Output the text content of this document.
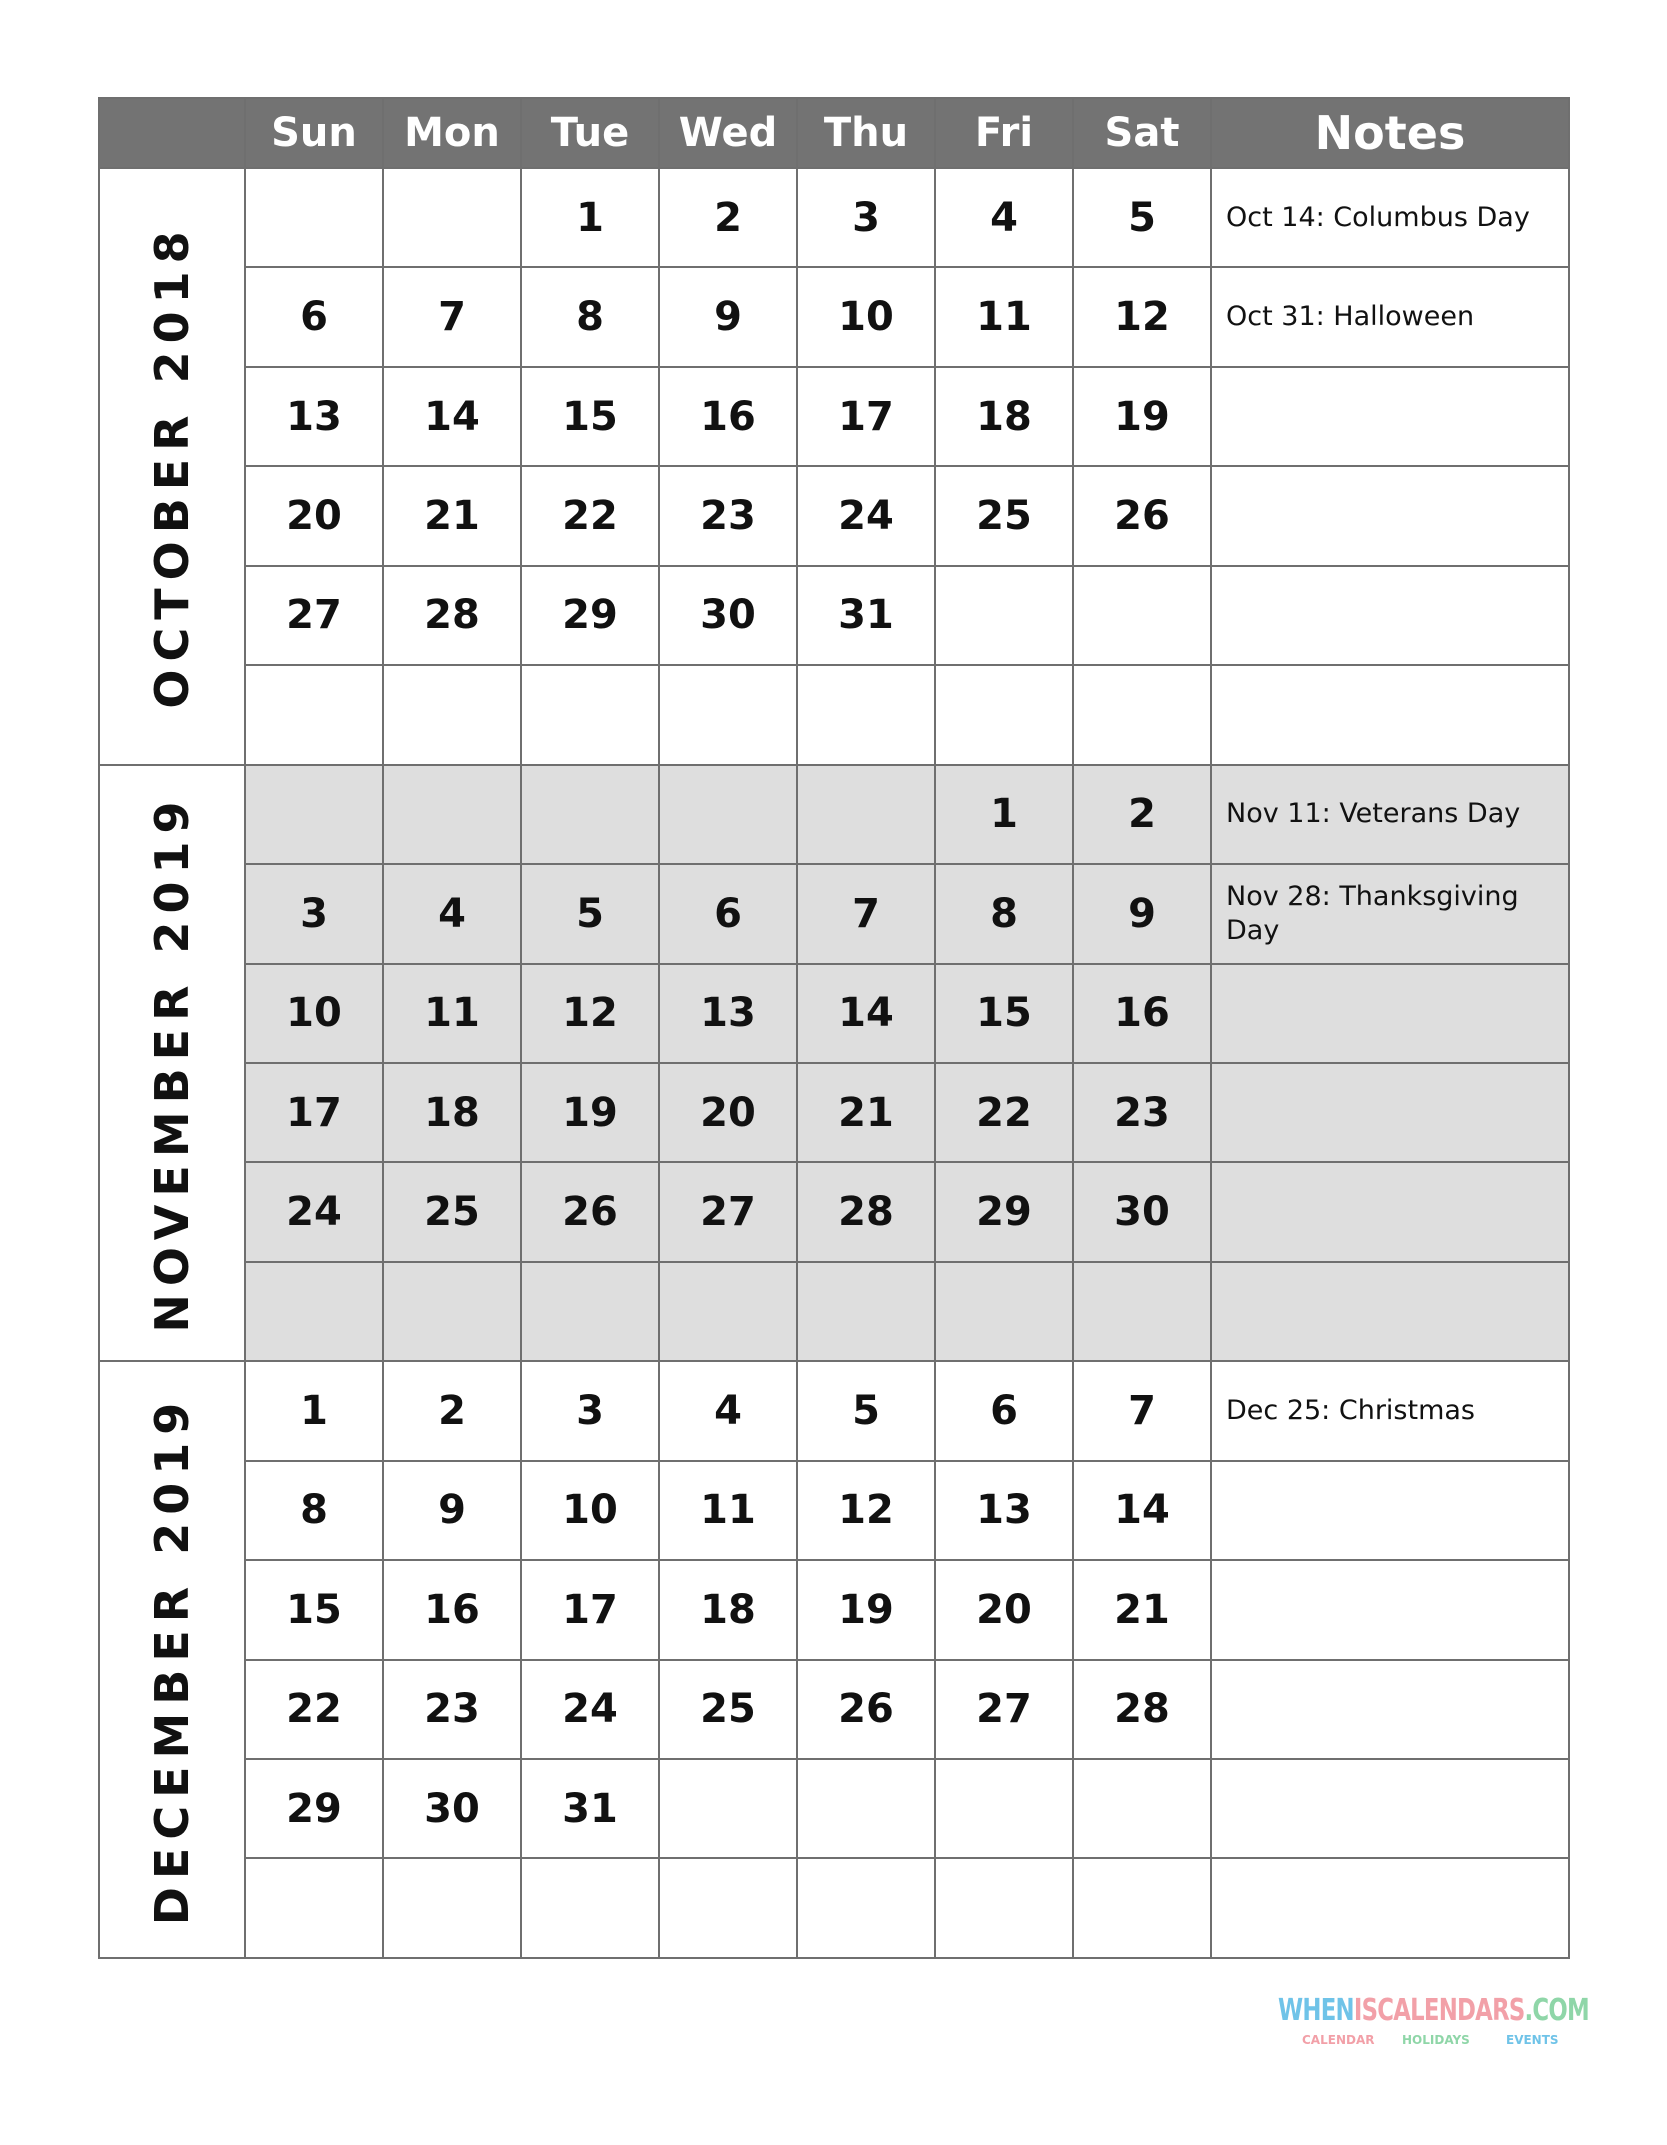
	Sun	Mon	Tue	Wed	Thu	Fri	Sat	Notes

OCTOBER 2018			1	2	3	4	5	Oct 14: Columbus Day
	6	7	8	9	10	11	12	Oct 31: Halloween
	13	14	15	16	17	18	19	
	20	21	22	23	24	25	26	
	27	28	29	30	31			

NOVEMBER 2019						1	2	Nov 11: Veterans Day
	3	4	5	6	7	8	9	Nov 28: Thanksgiving Day
	10	11	12	13	14	15	16	
	17	18	19	20	21	22	23	
	24	25	26	27	28	29	30	

DECEMBER 2019	1	2	3	4	5	6	7	Dec 25: Christmas
	8	9	10	11	12	13	14	
	15	16	17	18	19	20	21	
	22	23	24	25	26	27	28	
	29	30	31					

WHENISCALENDARS.COM
CALENDAR HOLIDAYS	EVENTS
